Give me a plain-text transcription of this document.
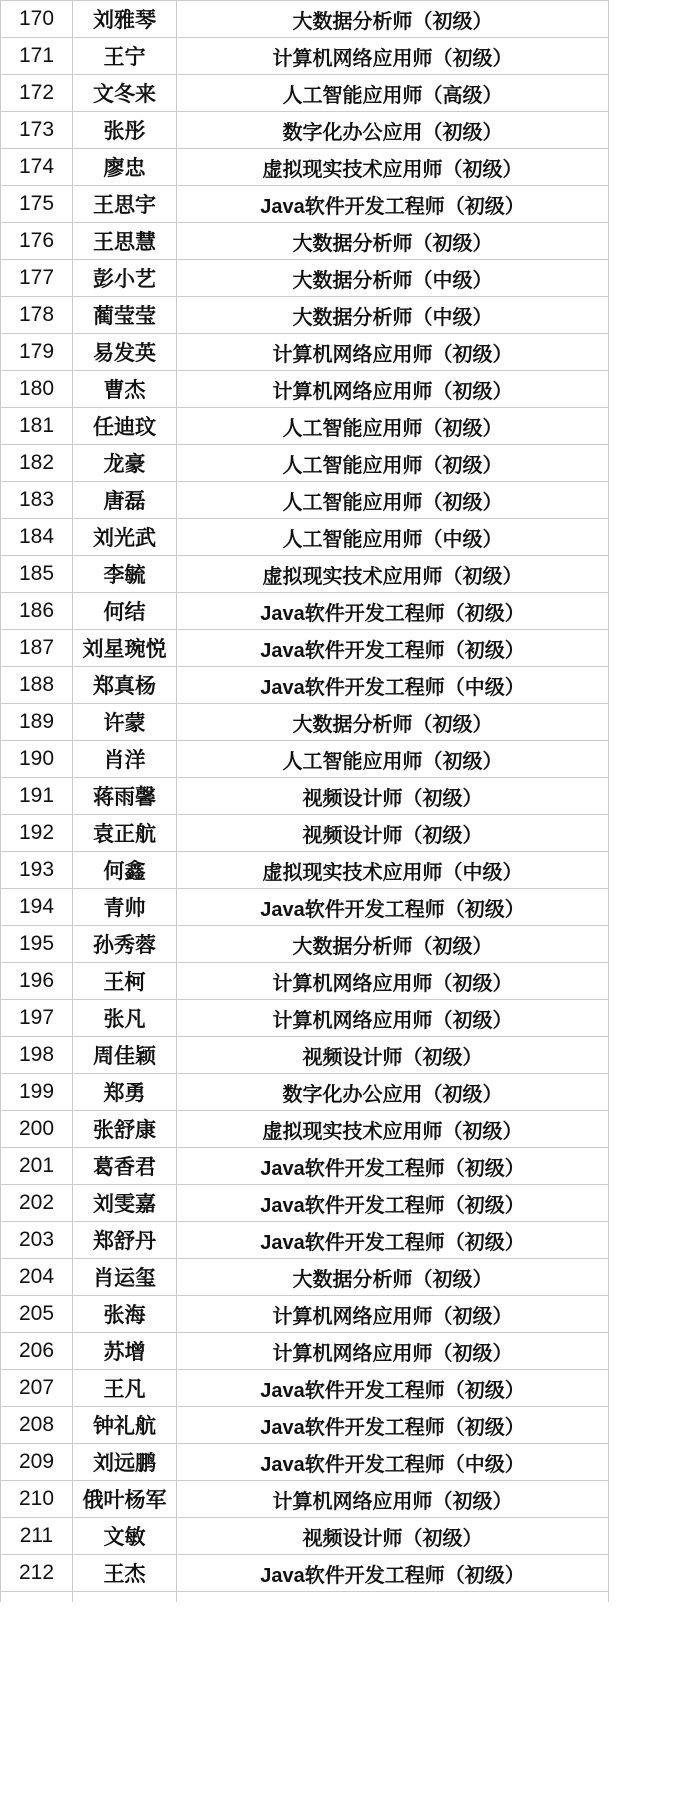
170	刘雅琴	大数据分析师（初级）
171	王宁	计算机网络应用师（初级）
172	文冬来	人工智能应用师（高级）
173	张彤	数字化办公应用（初级）
174	廖忠	虚拟现实技术应用师（初级）
175	王思宇	Java软件开发工程师（初级）
176	王思慧	大数据分析师（初级）
177	彭小艺	大数据分析师（中级）
178	蔺莹莹	大数据分析师（中级）
179	易发英	计算机网络应用师（初级）
180	曹杰	计算机网络应用师（初级）
181	任迪玟	人工智能应用师（初级）
182	龙豪	人工智能应用师（初级）
183	唐磊	人工智能应用师（初级）
184	刘光武	人工智能应用师（中级）
185	李毓	虚拟现实技术应用师（初级）
186	何结	Java软件开发工程师（初级）
187	刘星琬悦	Java软件开发工程师（初级）
188	郑真杨	Java软件开发工程师（中级）
189	许蒙	大数据分析师（初级）
190	肖洋	人工智能应用师（初级）
191	蒋雨馨	视频设计师（初级）
192	袁正航	视频设计师（初级）
193	何鑫	虚拟现实技术应用师（中级）
194	青帅	Java软件开发工程师（初级）
195	孙秀蓉	大数据分析师（初级）
196	王柯	计算机网络应用师（初级）
197	张凡	计算机网络应用师（初级）
198	周佳颖	视频设计师（初级）
199	郑勇	数字化办公应用（初级）
200	张舒康	虚拟现实技术应用师（初级）
201	葛香君	Java软件开发工程师（初级）
202	刘雯嘉	Java软件开发工程师（初级）
203	郑舒丹	Java软件开发工程师（初级）
204	肖运玺	大数据分析师（初级）
205	张海	计算机网络应用师（初级）
206	苏增	计算机网络应用师（初级）
207	王凡	Java软件开发工程师（初级）
208	钟礼航	Java软件开发工程师（初级）
209	刘远鹏	Java软件开发工程师（中级）
210	俄叶杨军	计算机网络应用师（初级）
211	文敏	视频设计师（初级）
212	王杰	Java软件开发工程师（初级）
